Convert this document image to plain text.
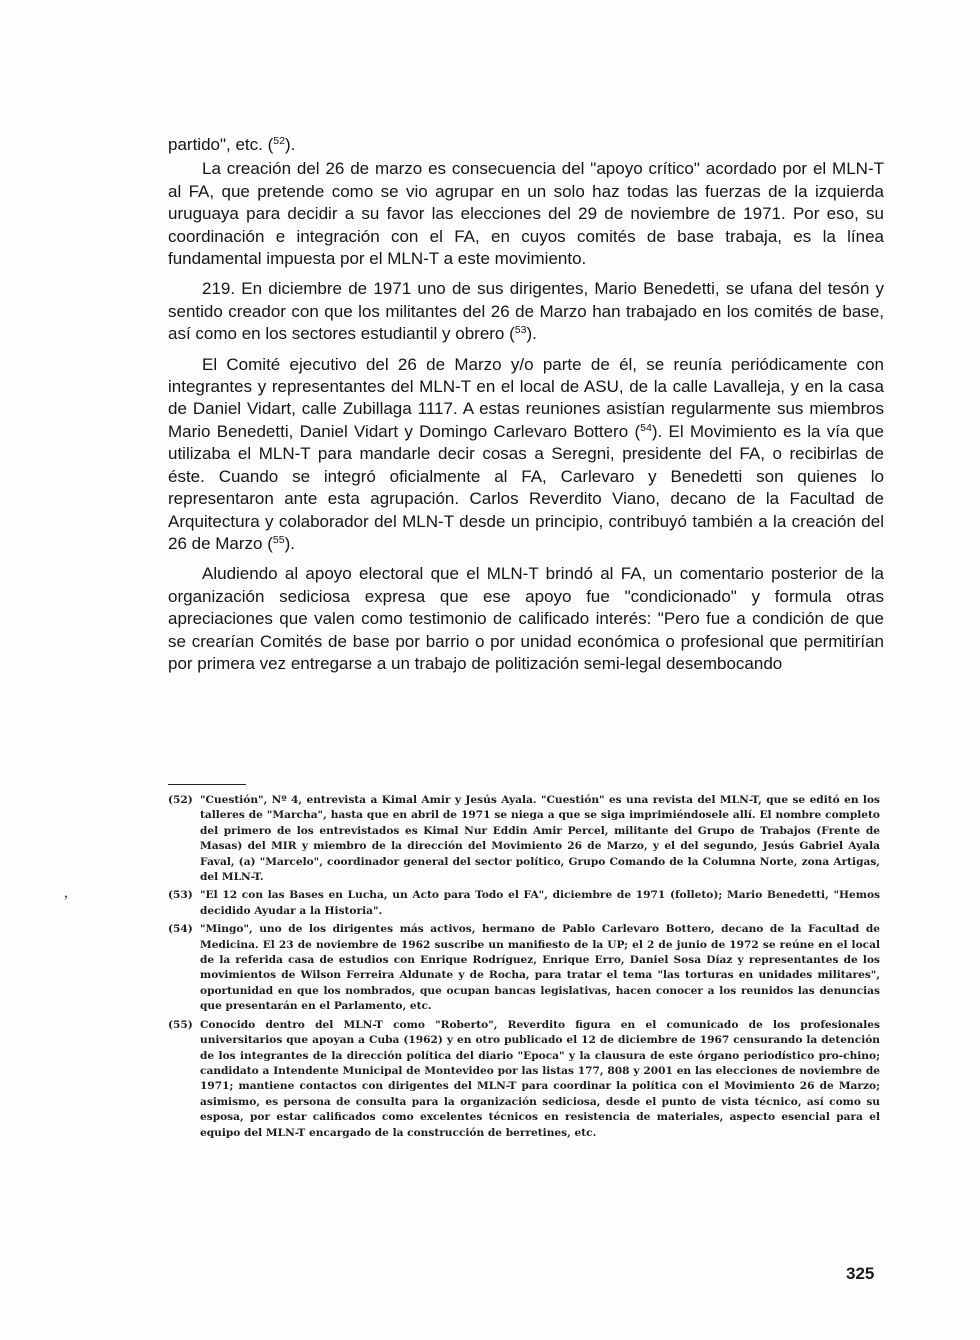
partido", etc. ($^{52}$).

La creación del 26 de marzo es consecuencia del "apoyo crítico" acordado por el MLN-T al FA, que pretende como se vio agrupar en un solo haz todas las fuerzas de la izquierda uruguaya para decidir a su favor las elecciones del 29 de noviembre de 1971. Por eso, su coordinación e integración con el FA, en cuyos comités de base trabaja, es la línea fundamental impuesta por el MLN-T a este movimiento.

219. En diciembre de 1971 uno de sus dirigentes, Mario Benedetti, se ufana del tesón y sentido creador con que los militantes del 26 de Marzo han trabajado en los comités de base, así como en los sectores estudiantil y obrero ($^{53}$).

El Comité ejecutivo del 26 de Marzo y/o parte de él, se reunía periódicamente con integrantes y representantes del MLN-T en el local de ASU, de la calle Lavalleja, y en la casa de Daniel Vidart, calle Zubillaga 1117. A estas reuniones asistían regularmente sus miembros Mario Benedetti, Daniel Vidart y Domingo Carlevaro Bottero ($^{54}$). El Movimiento es la vía que utilizaba el MLN-T para mandarle decir cosas a Seregni, presidente del FA, o recibirlas de éste. Cuando se integró oficialmente al FA, Carlevaro y Benedetti son quienes lo representaron ante esta agrupación. Carlos Reverdito Viano, decano de la Facultad de Arquitectura y colaborador del MLN-T desde un principio, contribuyó también a la creación del 26 de Marzo ($^{55}$).

Aludiendo al apoyo electoral que el MLN-T brindó al FA, un comentario posterior de la organización sediciosa expresa que ese apoyo fue "condicionado" y formula otras apreciaciones que valen como testimonio de calificado interés: "Pero fue a condición de que se crearían Comités de base por barrio o por unidad económica o profesional que permitirían por primera vez entregarse a un trabajo de politización semi-legal desembocando

(52) "Cuestión", Nº 4, entrevista a Kimal Amir y Jesús Ayala. "Cuestión" es una revista del MLN-T, que se editó en los talleres de "Marcha", hasta que en abril de 1971 se niega a que se siga imprimiéndosele allí. El nombre completo del primero de los entrevistados es Kimal Nur Eddin Amir Percel, militante del Grupo de Trabajos (Frente de Masas) del MIR y miembro de la dirección del Movimiento 26 de Marzo, y el del segundo, Jesús Gabriel Ayala Faval, (a) "Marcelo", coordinador general del sector político, Grupo Comando de la Columna Norte, zona Artigas, del MLN-T.
(53) "El 12 con las Bases en Lucha, un Acto para Todo el FA", diciembre de 1971 (folleto); Mario Benedetti, "Hemos decidido Ayudar a la Historia".
(54) "Mingo", uno de los dirigentes más activos, hermano de Pablo Carlevaro Bottero, decano de la Facultad de Medicina. El 23 de noviembre de 1962 suscribe un manifiesto de la UP; el 2 de junio de 1972 se reúne en el local de la referida casa de estudios con Enrique Rodríguez, Enrique Erro, Daniel Sosa Díaz y representantes de los movimientos de Wilson Ferreira Aldunate y de Rocha, para tratar el tema "las torturas en unidades militares", oportunidad en que los nombrados, que ocupan bancas legislativas, hacen conocer a los reunidos las denuncias que presentarán en el Parlamento, etc.
(55) Conocido dentro del MLN-T como "Roberto", Reverdito figura en el comunicado de los profesionales universitarios que apoyan a Cuba (1962) y en otro publicado el 12 de diciembre de 1967 censurando la detención de los integrantes de la dirección política del diario "Epoca" y la clausura de este órgano periodístico pro-chino; candidato a Intendente Municipal de Montevideo por las listas 177, 808 y 2001 en las elecciones de noviembre de 1971; mantiene contactos con dirigentes del MLN-T para coordinar la política con el Movimiento 26 de Marzo; asimismo, es persona de consulta para la organización sediciosa, desde el punto de vista técnico, así como su esposa, por estar calificados como excelentes técnicos en resistencia de materiales, aspecto esencial para el equipo del MLN-T encargado de la construcción de berretines, etc.
,
325
